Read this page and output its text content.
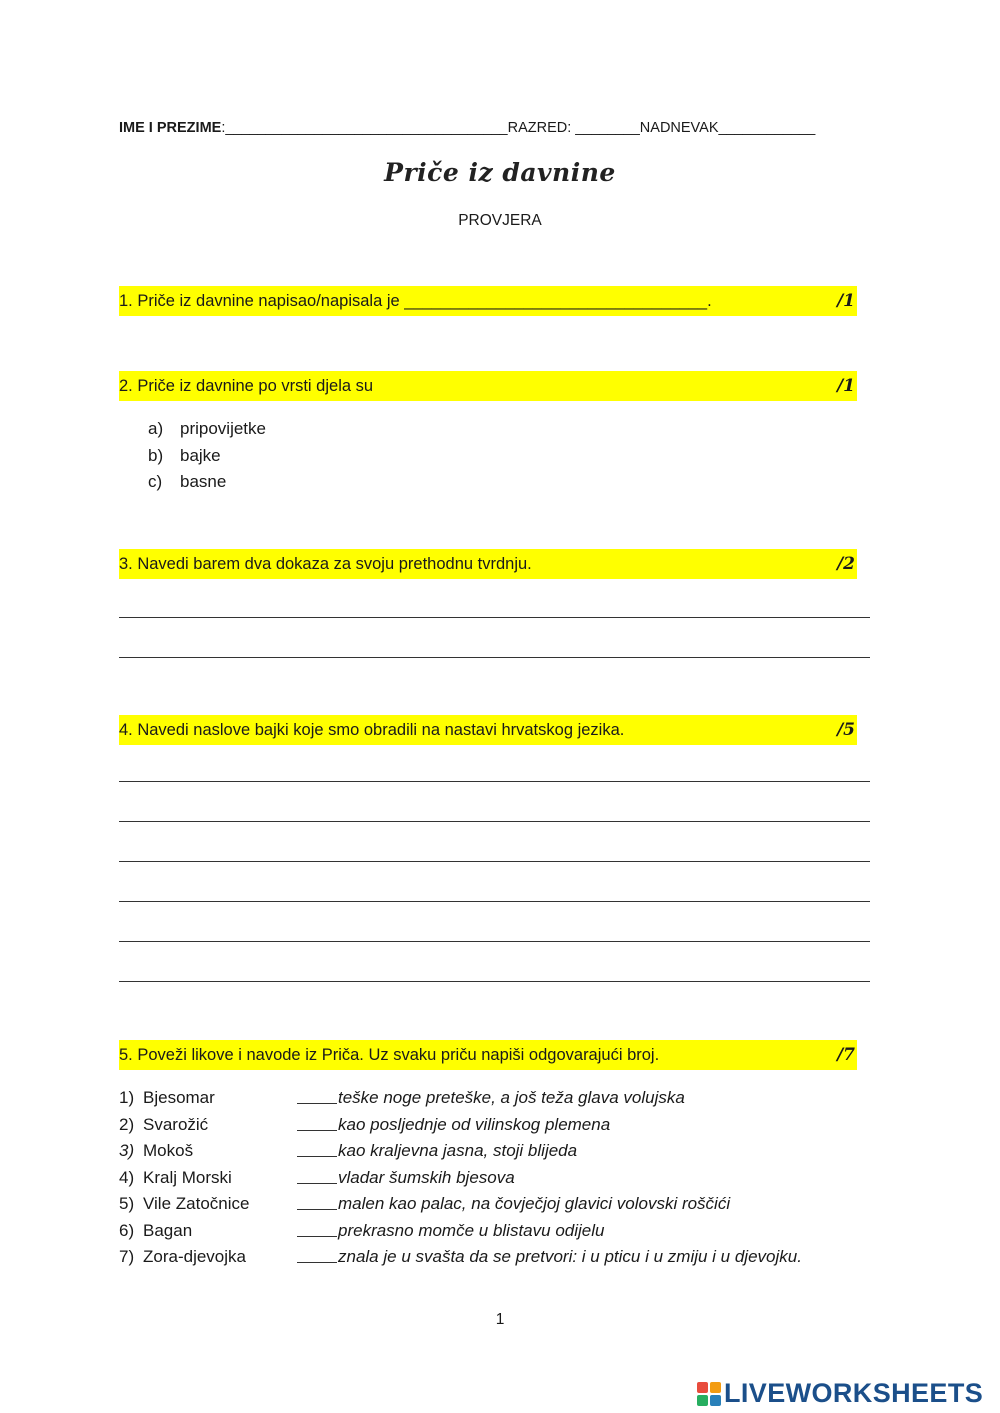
IME I PREZIME:___________________________________RAZRED: ________NADNEVAK____________
Priče iz davnine
PROVJERA
1. Priče iz davnine napisao/napisala je _________________________________.	/1
2. Priče iz davnine po vrsti djela su	/1
a) pripovijetke
b) bajke
c)	basne
3. Navedi barem dva dokaza za svoju prethodnu tvrdnju.	/2
4. Navedi naslove bajki koje smo obradili na nastavi hrvatskog jezika.	/5
5. Poveži likove i navode iz Priča. Uz svaku priču napiši odgovarajući broj.	/7
1) Bjesomar	teške noge preteške, a još teža glava volujska
2) Svarožić	kao posljednje od vilinskog plemena
3) Mokoš	kao kraljevna jasna, stoji blijeda
4) Kralj Morski	vladar šumskih bjesova
5) Vile Zatočnice	malen kao palac, na čovječjoj glavici volovski roščići
6) Bagan	prekrasno momče u blistavu odijelu
7) Zora-djevojka	znala je u svašta da se pretvori: i u pticu i u zmiju i u djevojku.
1
LIVEWORKSHEETS
